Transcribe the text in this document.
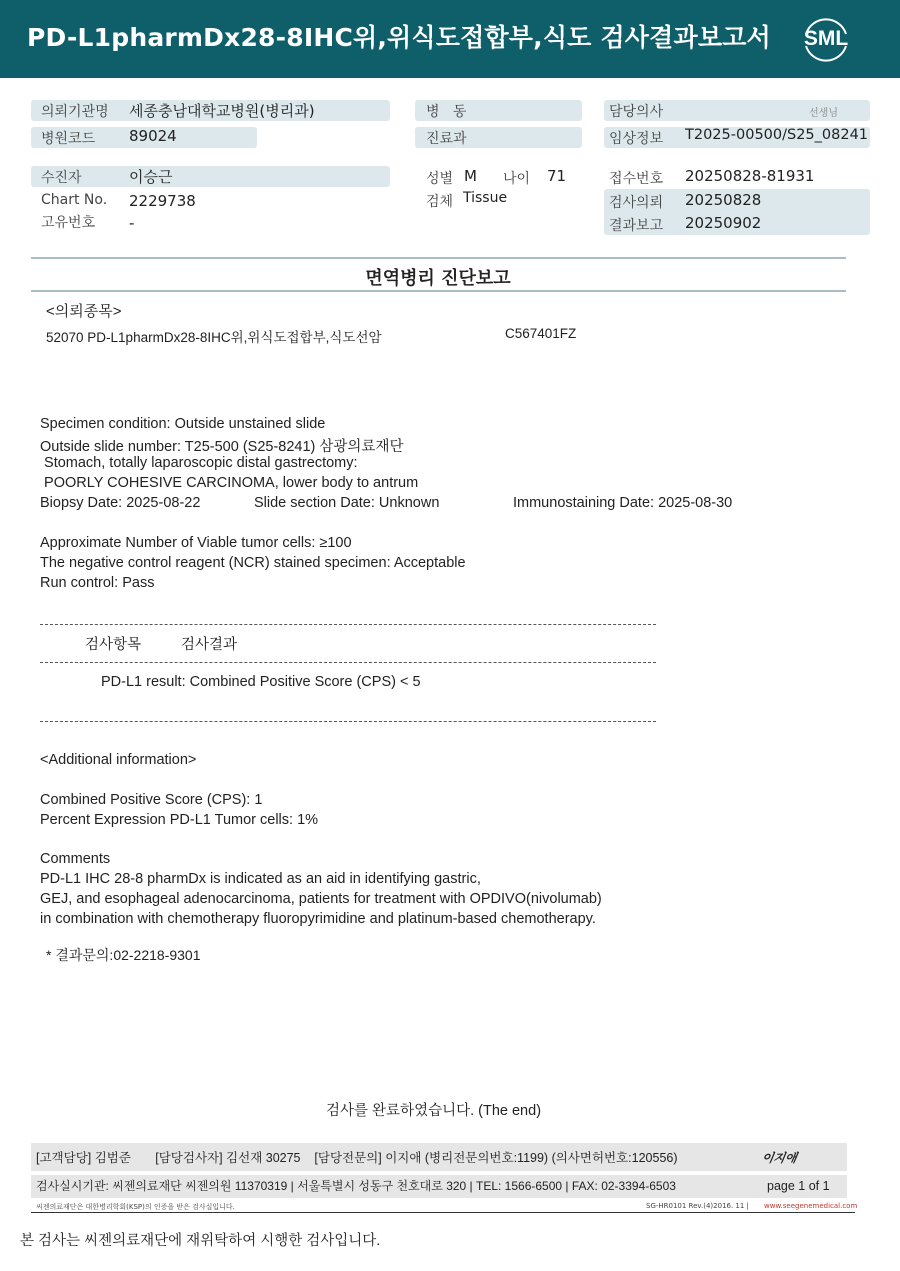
PD-L1pharmDx28-8IHC위,위식도접합부,식도 검사결과보고서 SML
의뢰기관명 세종충남대학교병원(병리과)
병원코드 89024
병   동
진료과
담당의사	선생님
임상정보 T2025-00500/S25_08241
수진자	이승근
Chart No. 2229738
고유번호 -
성별 M 나이 71
검체 Tissue
접수번호 20250828-81931
검사의뢰 20250828
결과보고 20250902
면역병리 진단보고
<의뢰종목>
52070 PD-L1pharmDx28-8IHC위,위식도접합부,식도선암	C567401FZ
Specimen condition: Outside unstained slide
Outside slide number: T25-500 (S25-8241) 삼광의료재단
Stomach, totally laparoscopic distal gastrectomy:
POORLY COHESIVE CARCINOMA, lower body to antrum
Biopsy Date: 2025-08-22	Slide section Date: Unknown	Immunostaining Date: 2025-08-30
Approximate Number of Viable tumor cells: ≥100
The negative control reagent (NCR) stained specimen: Acceptable
Run control: Pass
검사항목	검사결과
PD-L1 result: Combined Positive Score (CPS) < 5
<Additional information>
Combined Positive Score (CPS): 1
Percent Expression PD-L1 Tumor cells: 1%
Comments
PD-L1 IHC 28-8 pharmDx is indicated as an aid in identifying gastric,
GEJ, and esophageal adenocarcinoma, patients for treatment with OPDIVO(nivolumab)
in combination with chemotherapy fluoropyrimidine and platinum-based chemotherapy.
* 결과문의:02-2218-9301
검사를 완료하였습니다. (The end)
[고객담당] 김범준       [담당검사자] 김선재 30275    [담당전문의] 이지애 (병리전문의번호:1199) (의사면허번호:120556)	이지애
검사실시기관: 씨젠의료재단 씨젠의원 11370319 | 서울특별시 성동구 천호대로 320 | TEL: 1566-6500 | FAX: 02-3394-6503	page 1 of 1
씨젠의료재단은 대한병리학회(KSP)의 인증을 받은 검사실입니다.	SG-HR0101 Rev.(4)2016. 11 | www.seegenemedical.com
본 검사는 씨젠의료재단에 재위탁하여 시행한 검사입니다.
